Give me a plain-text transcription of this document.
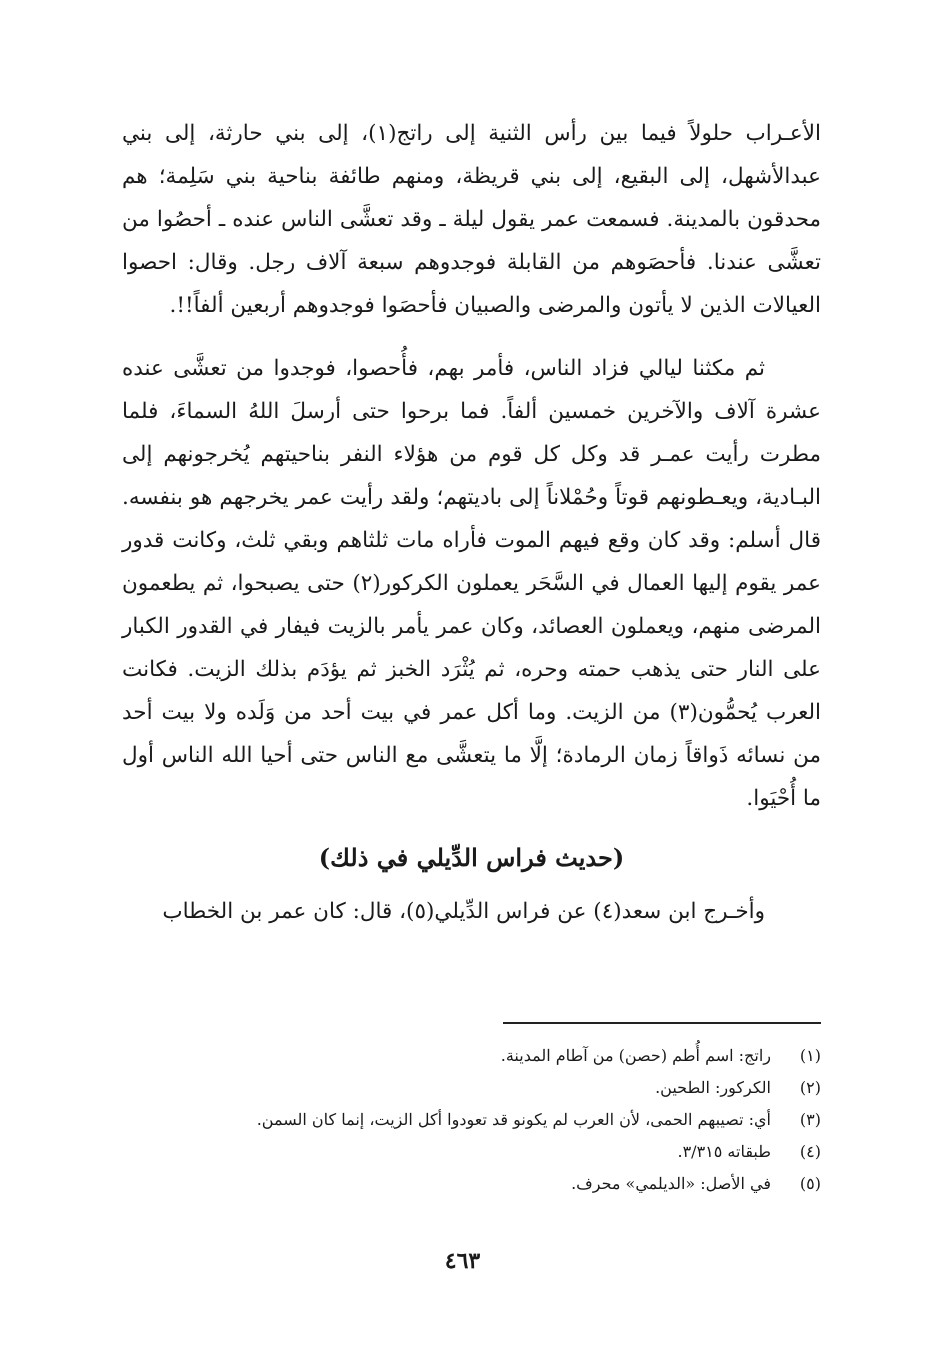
الأعـراب حلولاً فيما بين رأس الثنية إلى راتج(١)، إلى بني حارثة، إلى بني عبدالأشهل، إلى البقيع، إلى بني قريظة، ومنهم طائفة بناحية بني سَلِمة؛ هم محدقون بالمدينة. فسمعت عمر يقول ليلة ـ وقد تعشَّى الناس عنده ـ أحصُوا من تعشَّى عندنا. فأحصَوهم من القابلة فوجدوهم سبعة آلاف رجل. وقال: احصوا العيالات الذين لا يأتون والمرضى والصبيان فأحصَوا فوجدوهم أربعين ألفاً!!.

ثم مكثنا ليالي فزاد الناس، فأمر بهم، فأُحصوا، فوجدوا من تعشَّى عنده عشرة آلاف والآخرين خمسين ألفاً. فما برحوا حتى أرسلَ اللهُ السماءَ، فلما مطرت رأيت عمـر قد وكل كل قوم من هؤلاء النفر بناحيتهم يُخرجونهم إلى البـادية، ويعـطونهم قوتاً وحُمْلاناً إلى باديتهم؛ ولقد رأيت عمر يخرجهم هو بنفسه. قال أسلم: وقد كان وقع فيهم الموت فأراه مات ثلثاهم وبقي ثلث، وكانت قدور عمر يقوم إليها العمال في السَّحَر يعملون الكركور(٢) حتى يصبحوا، ثم يطعمون المرضى منهم، ويعملون العصائد، وكان عمر يأمر بالزيت فيفار في القدور الكبار على النار حتى يذهب حمته وحره، ثم يُثْرَد الخبز ثم يؤدَم بذلك الزيت. فكانت العرب يُحمُّون(٣) من الزيت. وما أكل عمر في بيت أحد من وَلَده ولا بيت أحد من نسائه ذَواقاً زمان الرمادة؛ إلَّا ما يتعشَّى مع الناس حتى أحيا الله الناس أول ما أُحْيَوا.

(حديث فراس الدِّيلي في ذلك)

وأخـرج ابن سعد(٤) عن فراس الدِّيلي(٥)، قال: كان عمر بن الخطاب

(١)
راتج: اسم أُطم (حصن) من آطام المدينة.
(٢)
الكركور: الطحين.
(٣)
أي: تصيبهم الحمى، لأن العرب لم يكونو قد تعودوا أكل الزيت، إنما كان السمن.
(٤)
طبقاته ٣/٣١٥.
(٥)
في الأصل: «الديلمي» محرف.
٤٦٣
